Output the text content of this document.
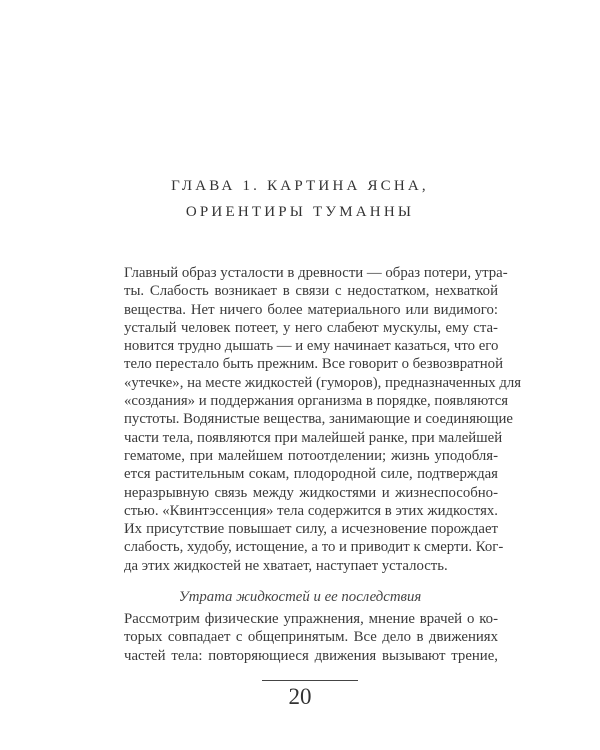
ГЛАВА 1. КАРТИНА ЯСНА,
ОРИЕНТИРЫ ТУМАННЫ
Главный образ усталости в древности — образ потери, утра-
ты. Слабость возникает в связи с недостатком, нехваткой
вещества. Нет ничего более материального или видимого:
усталый человек потеет, у него слабеют мускулы, ему ста-
новится трудно дышать — и ему начинает казаться, что его
тело перестало быть прежним. Все говорит о безвозвратной
«утечке», на месте жидкостей (гуморов), предназначенных для
«создания» и поддержания организма в порядке, появляются
пустоты. Водянистые вещества, занимающие и соединяющие
части тела, появляются при малейшей ранке, при малейшей
гематоме, при малейшем потоотделении; жизнь уподобля-
ется растительным сокам, плодородной силе, подтверждая
неразрывную связь между жидкостями и жизнеспособно-
стью. «Квинтэссенция» тела содержится в этих жидкостях.
Их присутствие повышает силу, а исчезновение порождает
слабость, худобу, истощение, а то и приводит к смерти. Ког-
да этих жидкостей не хватает, наступает усталость.
Утрата жидкостей и ее последствия
Рассмотрим физические упражнения, мнение врачей о ко-
торых совпадает с общепринятым. Все дело в движениях
частей тела: повторяющиеся движения вызывают трение,
20
